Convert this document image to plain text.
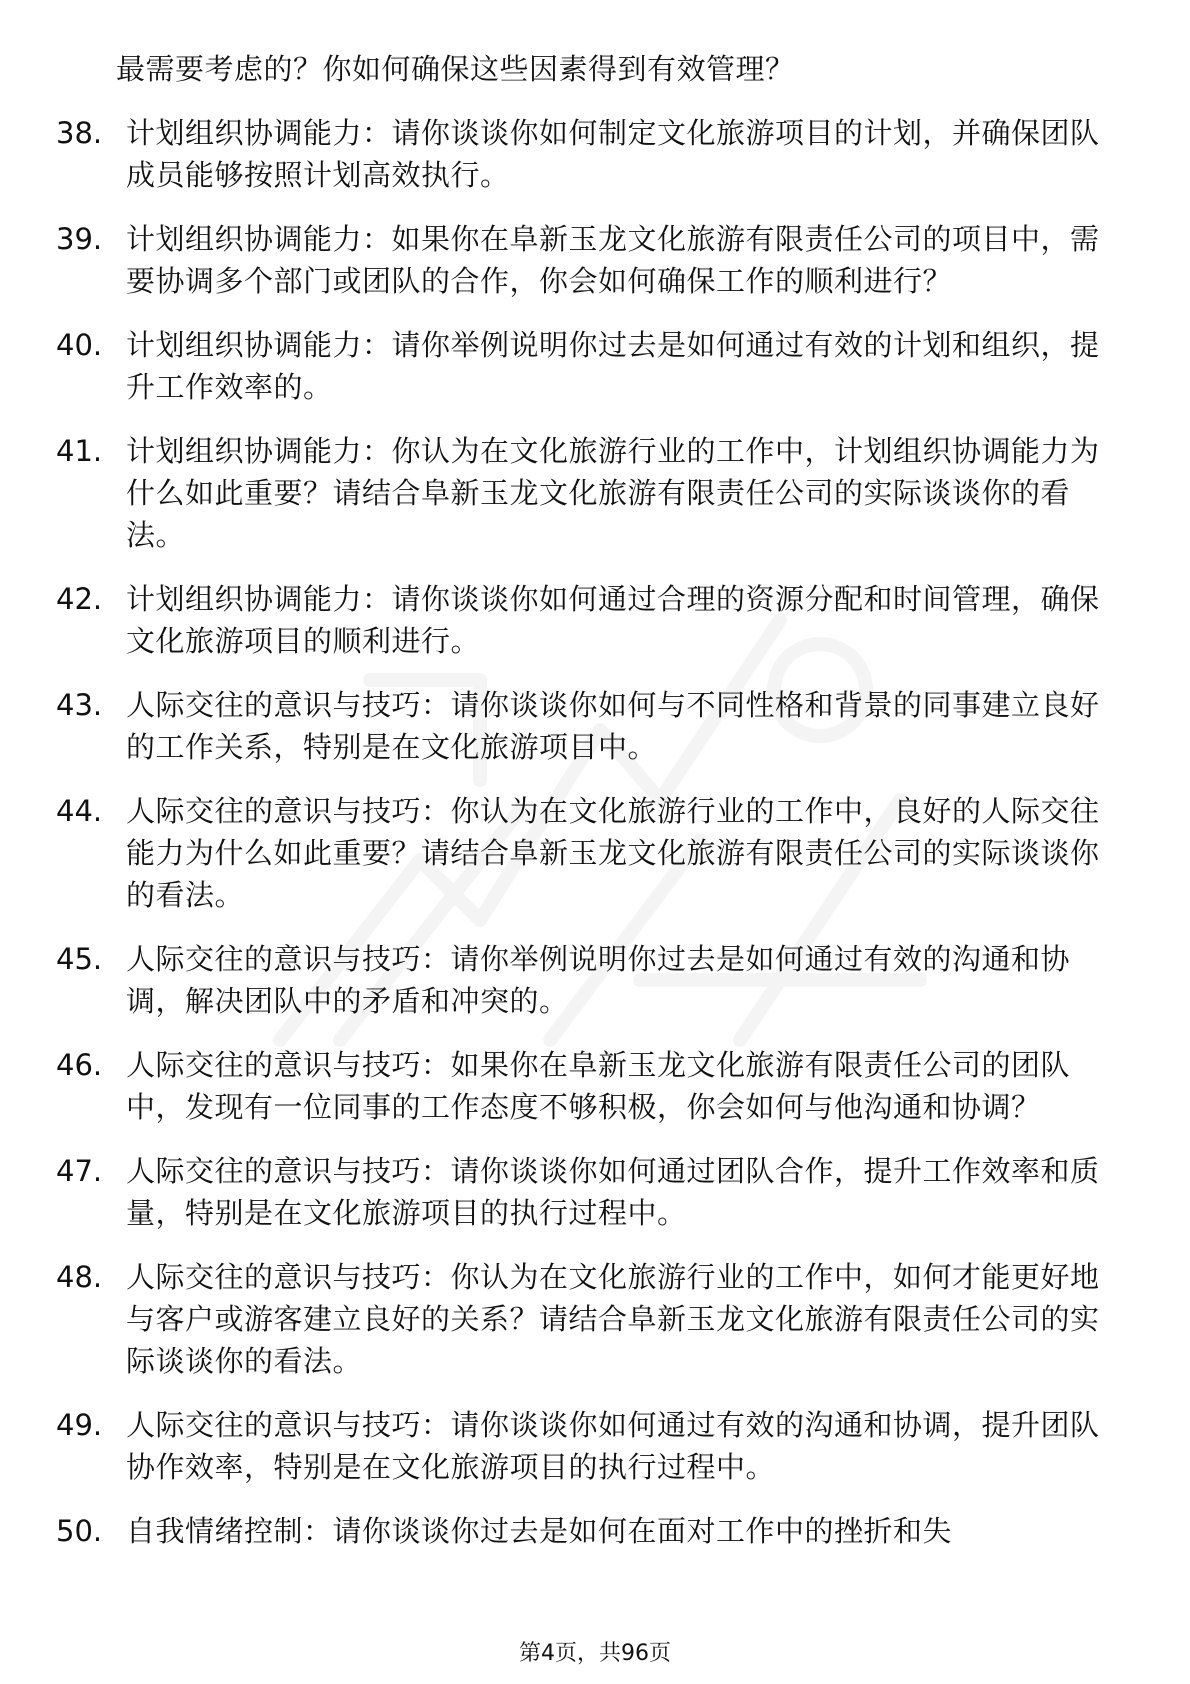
最需要考虑的？你如何确保这些因素得到有效管理？
38. 计划组织协调能力：请你谈谈你如何制定文化旅游项目的计划，并确保团队成员能够按照计划高效执行。
39. 计划组织协调能力：如果你在阜新玉龙文化旅游有限责任公司的项目中，需要协调多个部门或团队的合作，你会如何确保工作的顺利进行？
40. 计划组织协调能力：请你举例说明你过去是如何通过有效的计划和组织，提升工作效率的。
41. 计划组织协调能力：你认为在文化旅游行业的工作中，计划组织协调能力为什么如此重要？请结合阜新玉龙文化旅游有限责任公司的实际谈谈你的看法。
42. 计划组织协调能力：请你谈谈你如何通过合理的资源分配和时间管理，确保文化旅游项目的顺利进行。
43. 人际交往的意识与技巧：请你谈谈你如何与不同性格和背景的同事建立良好的工作关系，特别是在文化旅游项目中。
44. 人际交往的意识与技巧：你认为在文化旅游行业的工作中，良好的人际交往能力为什么如此重要？请结合阜新玉龙文化旅游有限责任公司的实际谈谈你的看法。
45. 人际交往的意识与技巧：请你举例说明你过去是如何通过有效的沟通和协调，解决团队中的矛盾和冲突的。
46. 人际交往的意识与技巧：如果你在阜新玉龙文化旅游有限责任公司的团队中，发现有一位同事的工作态度不够积极，你会如何与他沟通和协调？
47. 人际交往的意识与技巧：请你谈谈你如何通过团队合作，提升工作效率和质量，特别是在文化旅游项目的执行过程中。
48. 人际交往的意识与技巧：你认为在文化旅游行业的工作中，如何才能更好地与客户或游客建立良好的关系？请结合阜新玉龙文化旅游有限责任公司的实际谈谈你的看法。
49. 人际交往的意识与技巧：请你谈谈你如何通过有效的沟通和协调，提升团队协作效率，特别是在文化旅游项目的执行过程中。
50. 自我情绪控制：请你谈谈你过去是如何在面对工作中的挫折和失
第4页，共96页
